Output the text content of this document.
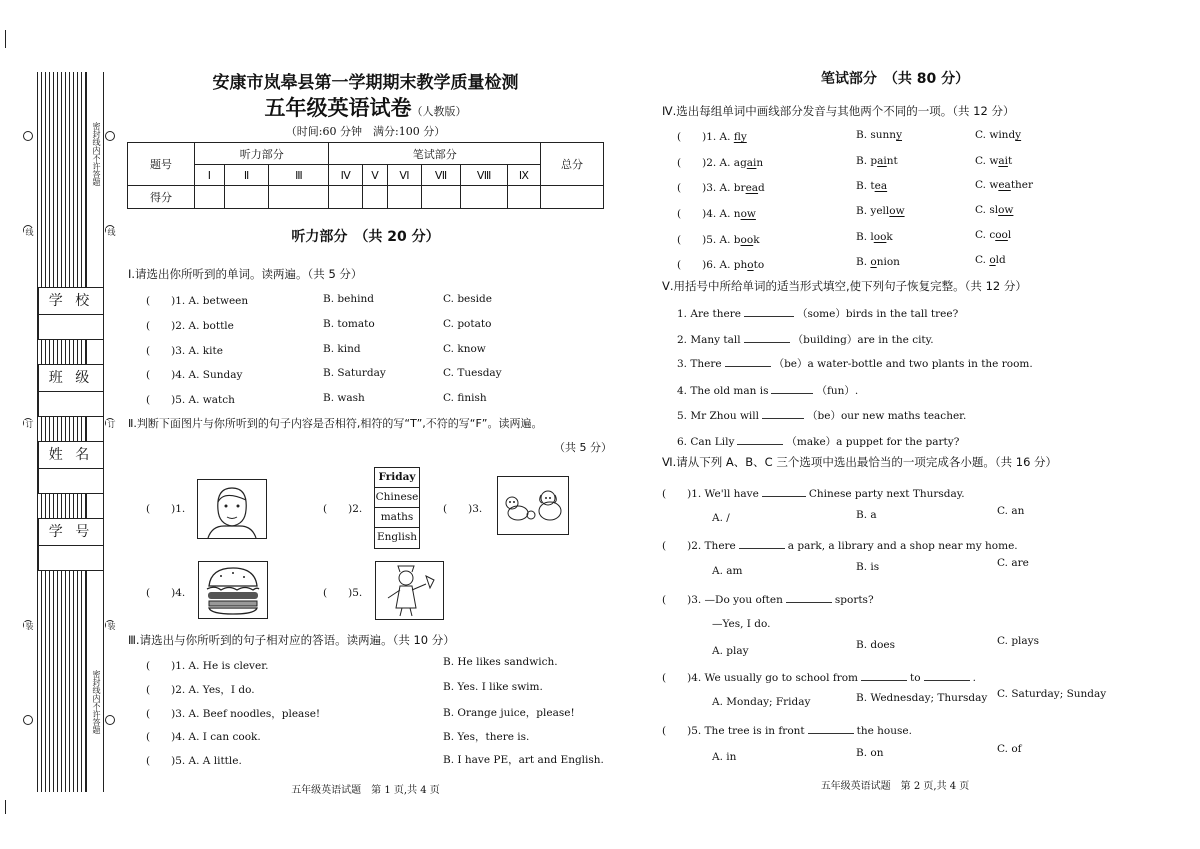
密封线内不许答题
密封线内不许答题
线	线
订	订
装	装
学 校
班 级
姓 名
学 号
安康市岚皋县第一学期期末教学质量检测
五年级英语试卷（人教版）
（时间:60 分钟　满分:100 分）
题号	听力部分			笔试部分						总分
	Ⅰ	Ⅱ	Ⅲ	Ⅳ	Ⅴ	Ⅵ	Ⅶ	Ⅷ	Ⅸ	
得分										
听力部分　（共 20 分）
Ⅰ.请选出你所听到的单词。读两遍。（共 5 分）
(　　)1. A. between	B. behind	C. beside
(　　)2. A. bottle	B. tomato	C. potato
(　　)3. A. kite	B. kind	C. know
(　　)4. A. Sunday	B. Saturday	C. Tuesday
(　　)5. A. watch	B. wash	C. finish
Ⅱ.判断下面图片与你所听到的句子内容是否相符,相符的写“T”,不符的写“F”。读两遍。
（共 5 分）
(　　)1.	(　　)2.
Friday
Chinese
maths
English
(　　)3.
(　　)4.	(　　)5.
Ⅲ.请选出与你所听到的句子相对应的答语。读两遍。（共 10 分）
(　　)1. A. He is clever.	B. He likes sandwich.
(　　)2. A. Yes，I do.	B. Yes. I like swim.
(　　)3. A. Beef noodles，please!	B. Orange juice，please!
(　　)4. A. I can cook.	B. Yes，there is.
(　　)5. A. A little.	B. I have PE，art and English.
五年级英语试题　第 1 页,共 4 页
笔试部分　（共 80 分）
Ⅳ.选出每组单词中画线部分发音与其他两个不同的一项。（共 12 分）
(　　)1. A. fly	B. sunny	C. windy
(　　)2. A. again	B. paint	C. wait
(　　)3. A. bread	B. tea	C. weather
(　　)4. A. now	B. yellow	C. slow
(　　)5. A. book	B. look	C. cool
(　　)6. A. photo	B. onion	C. old
Ⅴ.用括号中所给单词的适当形式填空,使下列句子恢复完整。（共 12 分）
1. Are there	（some）birds in the tall tree?
2. Many tall	（building）are in the city.
3. There	（be）a water-bottle and two plants in the room.
4. The old man is	（fun）.
5. Mr Zhou will	（be）our new maths teacher.
6. Can Lily	（make）a puppet for the party?
Ⅵ.请从下列 A、B、C 三个选项中选出最恰当的一项完成各小题。（共 16 分）
(　　)1. We'll have	Chinese party next Thursday.
A. /	B. a	C. an
(　　)2. There	a park, a library and a shop near my home.
A. am	B. is	C. are
(　　)3. —Do you often	sports?
—Yes, I do.
A. play	B. does	C. plays
(　　)4. We usually go to school from	to	.
A. Monday; Friday	B. Wednesday; Thursday C. Saturday; Sunday
(　　)5. The tree is in front	the house.
A. in	B. on	C. of
五年级英语试题　第 2 页,共 4 页
